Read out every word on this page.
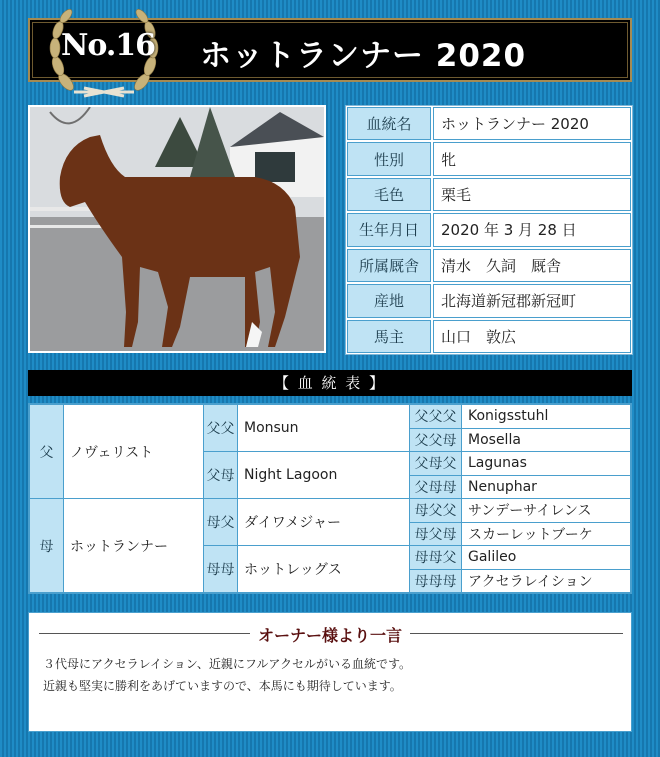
No.16 ホットランナー 2020
血統名	ホットランナー 2020
性別	牝
毛色	栗毛
生年月日	2020 年 3 月 28 日
所属厩舎	清水　久詞　厩舎
産地	北海道新冠郡新冠町
馬主	山口　敦広
【 血 統 表 】
父	ノヴェリスト	父父	Monsun	父父父	Konigsstuhl
				父父母	Mosella
		父母	Night Lagoon	父母父	Lagunas
				父母母	Nenuphar
母	ホットランナー	母父	ダイワメジャー	母父父	サンデーサイレンス
				母父母	スカーレットブーケ
		母母	ホットレッグス	母母父	Galileo
				母母母	アクセラレイション
オーナー様より一言
３代母にアクセラレイション、近親にフルアクセルがいる血統です。
近親も堅実に勝利をあげていますので、本馬にも期待しています。
